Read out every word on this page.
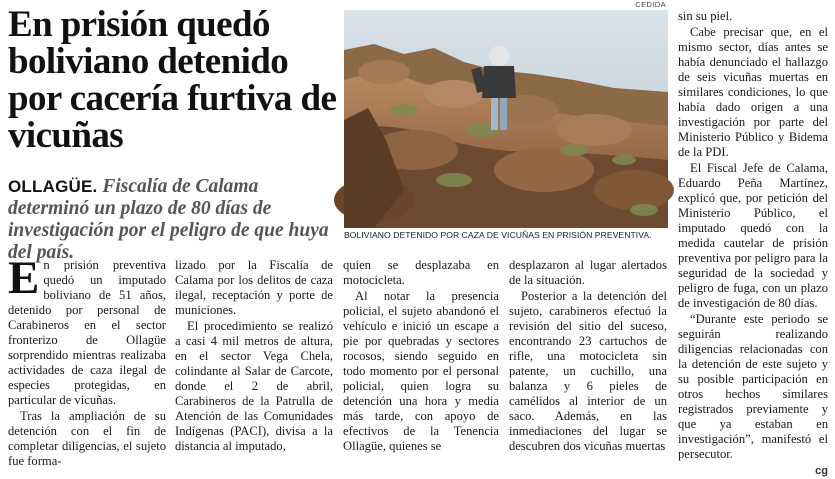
En prisión quedó boliviano detenido por cacería furtiva de vicuñas
OLLAGÜE. Fiscalía de Calama determinó un plazo de 80 días de investigación por el peligro de que huya del país.
CEDIDA
BOLIVIANO DETENIDO POR CAZA DE VICUÑAS EN PRISIÓN PREVENTIVA.

En prisión preventiva quedó un imputado boliviano de 51 años, detenido por personal de Carabineros en el sector fronterizo de Ollagüe sorprendido mientras realizaba actividades de caza ilegal de especies protegidas, en particular de vicuñas.

Tras la ampliación de su detención con el fin de completar diligencias, el sujeto fue forma-

lizado por la Fiscalía de Calama por los delitos de caza ilegal, receptación y porte de municiones.

El procedimiento se realizó a casi 4 mil metros de altura, en el sector Vega Chela, colindante al Salar de Carcote, donde el 2 de abril, Carabineros de la Patrulla de Atención de las Comunidades Indígenas (PACI), divisa a la distancia al imputado,

quien se desplazaba en motocicleta.

Al notar la presencia policial, el sujeto abandonó el vehículo e inició un escape a pie por quebradas y sectores rocosos, siendo seguido en todo momento por el personal policial, quien logra su detención una hora y media más tarde, con apoyo de efectivos de la Tenencia Ollagüe, quienes se

desplazaron al lugar alertados de la situación.

Posterior a la detención del sujeto, carabineros efectuó la revisión del sitio del suceso, encontrando 23 cartuchos de rifle, una motocicleta sin patente, un cuchillo, una balanza y 6 pieles de camélidos al interior de un saco. Además, en las inmediaciones del lugar se descubren dos vicuñas muertas

sin su piel.

Cabe precisar que, en el mismo sector, días antes se había denunciado el hallazgo de seis vicuñas muertas en similares condiciones, lo que había dado origen a una investigación por parte del Ministerio Público y Bidema de la PDI.

El Fiscal Jefe de Calama, Eduardo Peña Martínez, explicó que, por petición del Ministerio Público, el imputado quedó con la medida cautelar de prisión preventiva por peligro para la seguridad de la sociedad y peligro de fuga, con un plazo de investigación de 80 días.

“Durante este periodo se seguirán realizando diligencias relacionadas con la detención de este sujeto y su posible participación en otros hechos similares registrados previamente y que ya estaban en investigación”, manifestó el persecutor.

cg
